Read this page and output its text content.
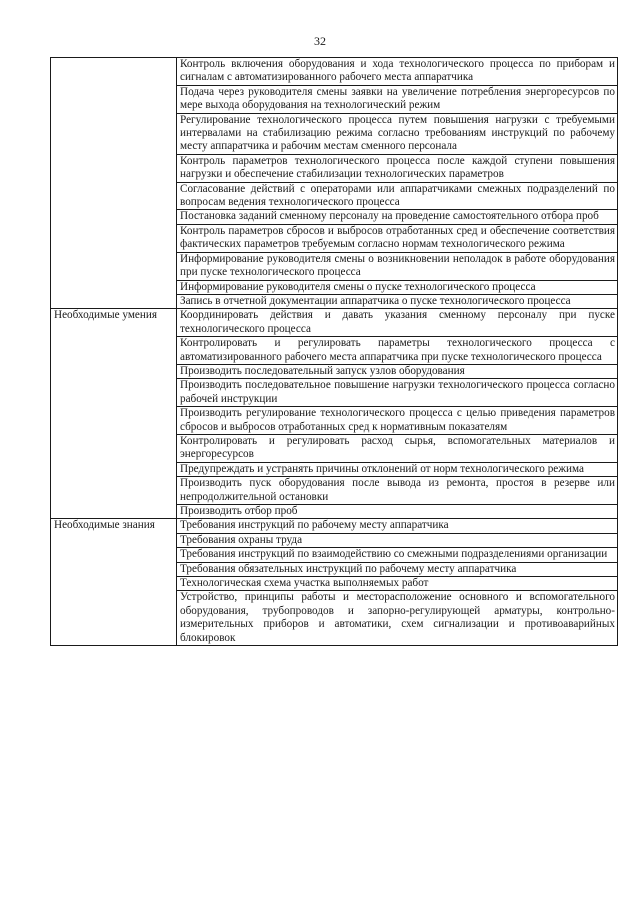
32
	Контроль включения оборудования и хода технологического процесса по приборам и сигналам с автоматизированного рабочего места аппаратчика
	Подача через руководителя смены заявки на увеличение потребления энергоресурсов по мере выхода оборудования на технологический режим
	Регулирование технологического процесса путем повышения нагрузки с требуемыми интервалами на стабилизацию режима согласно требованиям инструкций по рабочему месту аппаратчика и рабочим местам сменного персонала
	Контроль параметров технологического процесса после каждой ступени повышения нагрузки и обеспечение стабилизации технологических параметров
	Согласование действий с операторами или аппаратчиками смежных подразделений по вопросам ведения технологического процесса
	Постановка заданий сменному персоналу на проведение самостоятельного отбора проб
	Контроль параметров сбросов и выбросов отработанных сред и обеспечение соответствия фактических параметров требуемым согласно нормам технологического режима
	Информирование руководителя смены о возникновении неполадок в работе оборудования при пуске технологического процесса
	Информирование руководителя смены о пуске технологического процесса
	Запись в отчетной документации аппаратчика о пуске технологического процесса
Необходимые умения	Координировать действия и давать указания сменному персоналу при пуске технологического процесса
	Контролировать и регулировать параметры технологического процесса с автоматизированного рабочего места аппаратчика при пуске технологического процесса
	Производить последовательный запуск узлов оборудования
	Производить последовательное повышение нагрузки технологического процесса согласно рабочей инструкции
	Производить регулирование технологического процесса с целью приведения параметров сбросов и выбросов отработанных сред к нормативным показателям
	Контролировать и регулировать расход сырья, вспомогательных материалов и энергоресурсов
	Предупреждать и устранять причины отклонений от норм технологического режима
	Производить пуск оборудования после вывода из ремонта, простоя в резерве или непродолжительной остановки
	Производить отбор проб
Необходимые знания	Требования инструкций по рабочему месту аппаратчика
	Требования охраны труда
	Требования инструкций по взаимодействию со смежными подразделениями организации
	Требования обязательных инструкций по рабочему месту аппаратчика
	Технологическая схема участка выполняемых работ
	Устройство, принципы работы и месторасположение основного и вспомогательного оборудования, трубопроводов и запорно-регулирующей арматуры, контрольно-измерительных приборов и автоматики, схем сигнализации и противоаварийных блокировок
